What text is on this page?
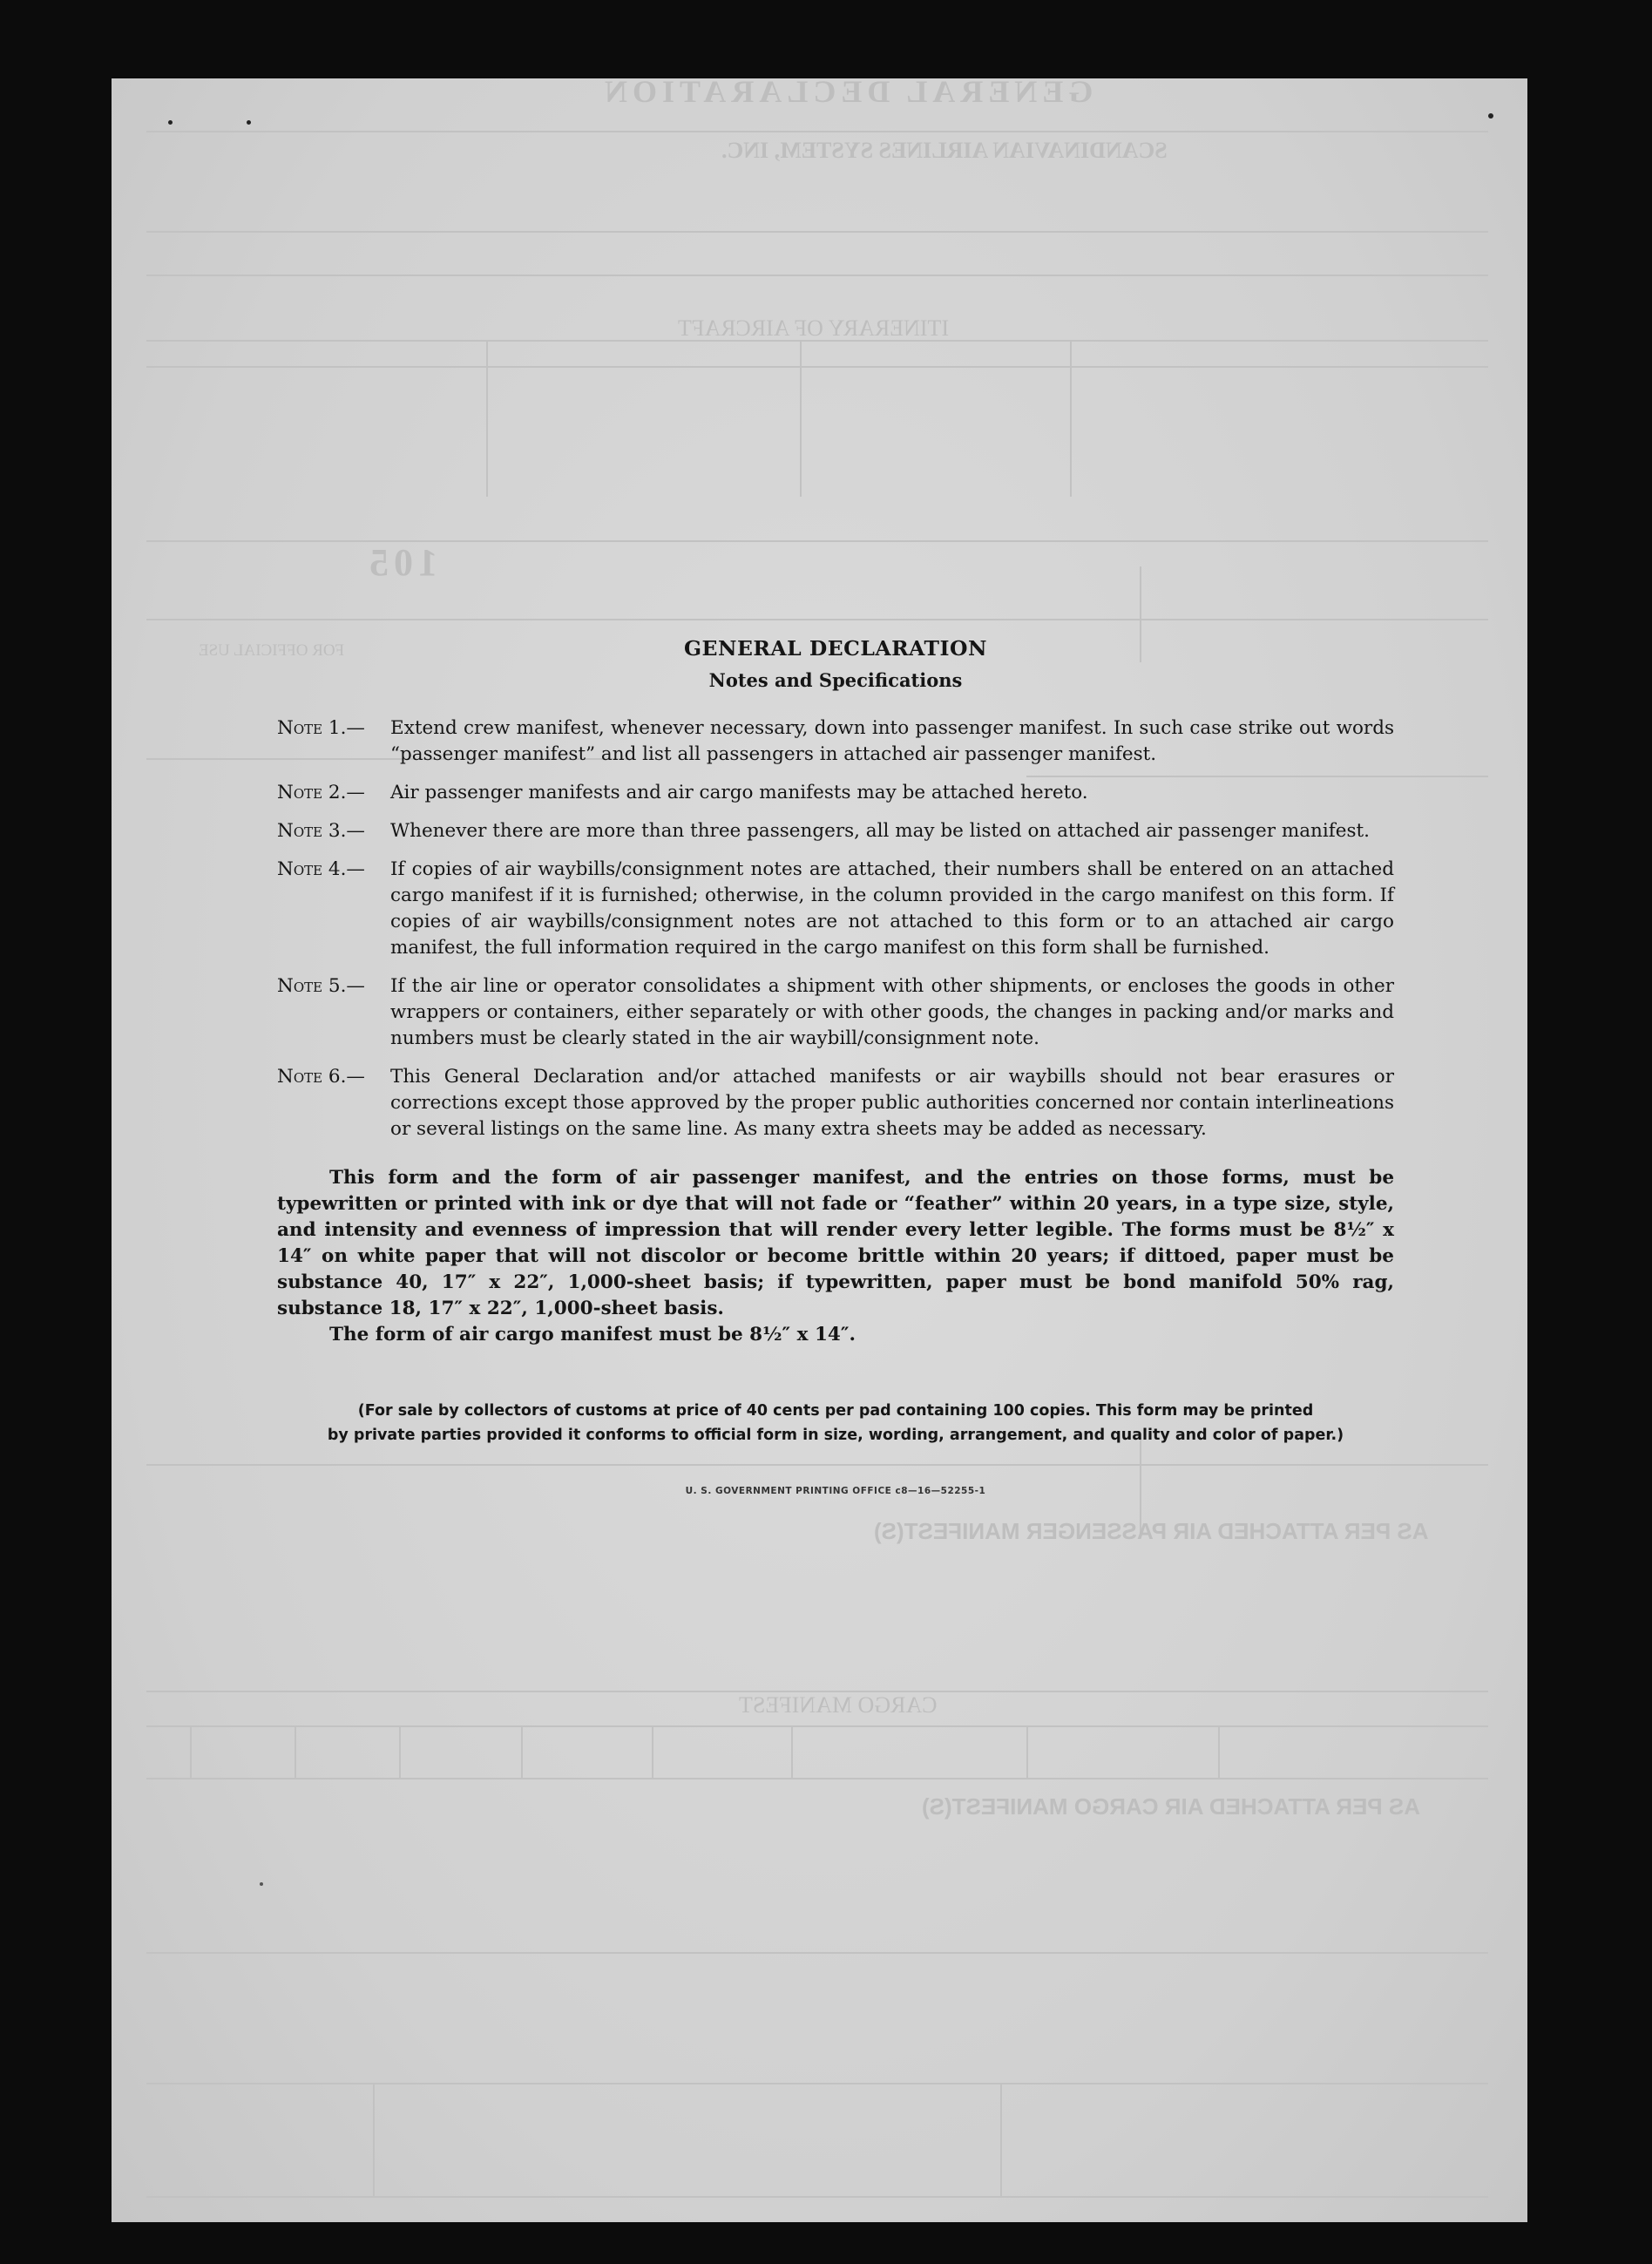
GENERAL DECLARATION
SCANDINAVIAN AIRLINES SYSTEM, INC.
ITINERARY OF AIRCRAFT
105
FOR OFFICIAL USE
AS PER ATTACHED AIR PASSENGER MANIFEST(S)
CARGO MANIFEST
AS PER ATTACHED AIR CARGO MANIFEST(S)
GENERAL DECLARATION
Notes and Specifications
Note 1.—	Extend crew manifest, whenever necessary, down into passenger manifest. In such case strike out words “passenger manifest” and list all passengers in attached air passenger manifest.
Note 2.—	Air passenger manifests and air cargo manifests may be attached hereto.
Note 3.—	Whenever there are more than three passengers, all may be listed on attached air passenger manifest.
Note 4.—	If copies of air waybills/consignment notes are attached, their numbers shall be entered on an attached cargo manifest if it is furnished; otherwise, in the column provided in the cargo manifest on this form. If copies of air waybills/consignment notes are not attached to this form or to an attached air cargo manifest, the full information required in the cargo manifest on this form shall be furnished.
Note 5.—	If the air line or operator consolidates a shipment with other shipments, or encloses the goods in other wrappers or containers, either separately or with other goods, the changes in packing and/or marks and numbers must be clearly stated in the air waybill/consignment note.
Note 6.—	This General Declaration and/or attached manifests or air waybills should not bear erasures or corrections except those approved by the proper public authorities concerned nor contain interlineations or several listings on the same line. As many extra sheets may be added as necessary.
This form and the form of air passenger manifest, and the entries on those forms, must be typewritten or printed with ink or dye that will not fade or “feather” within 20 years, in a type size, style, and intensity and evenness of impression that will render every letter legible. The forms must be 8½″ x 14″ on white paper that will not discolor or become brittle within 20 years; if dittoed, paper must be substance 40, 17″ x 22″, 1,000-sheet basis; if typewritten, paper must be bond manifold 50% rag, substance 18, 17″ x 22″, 1,000-sheet basis.
The form of air cargo manifest must be 8½″ x 14″.
(For sale by collectors of customs at price of 40 cents per pad containing 100 copies. This form may be printed
by private parties provided it conforms to official form in size, wording, arrangement, and quality and color of paper.)
U. S. GOVERNMENT PRINTING OFFICE c8—16—52255-1
